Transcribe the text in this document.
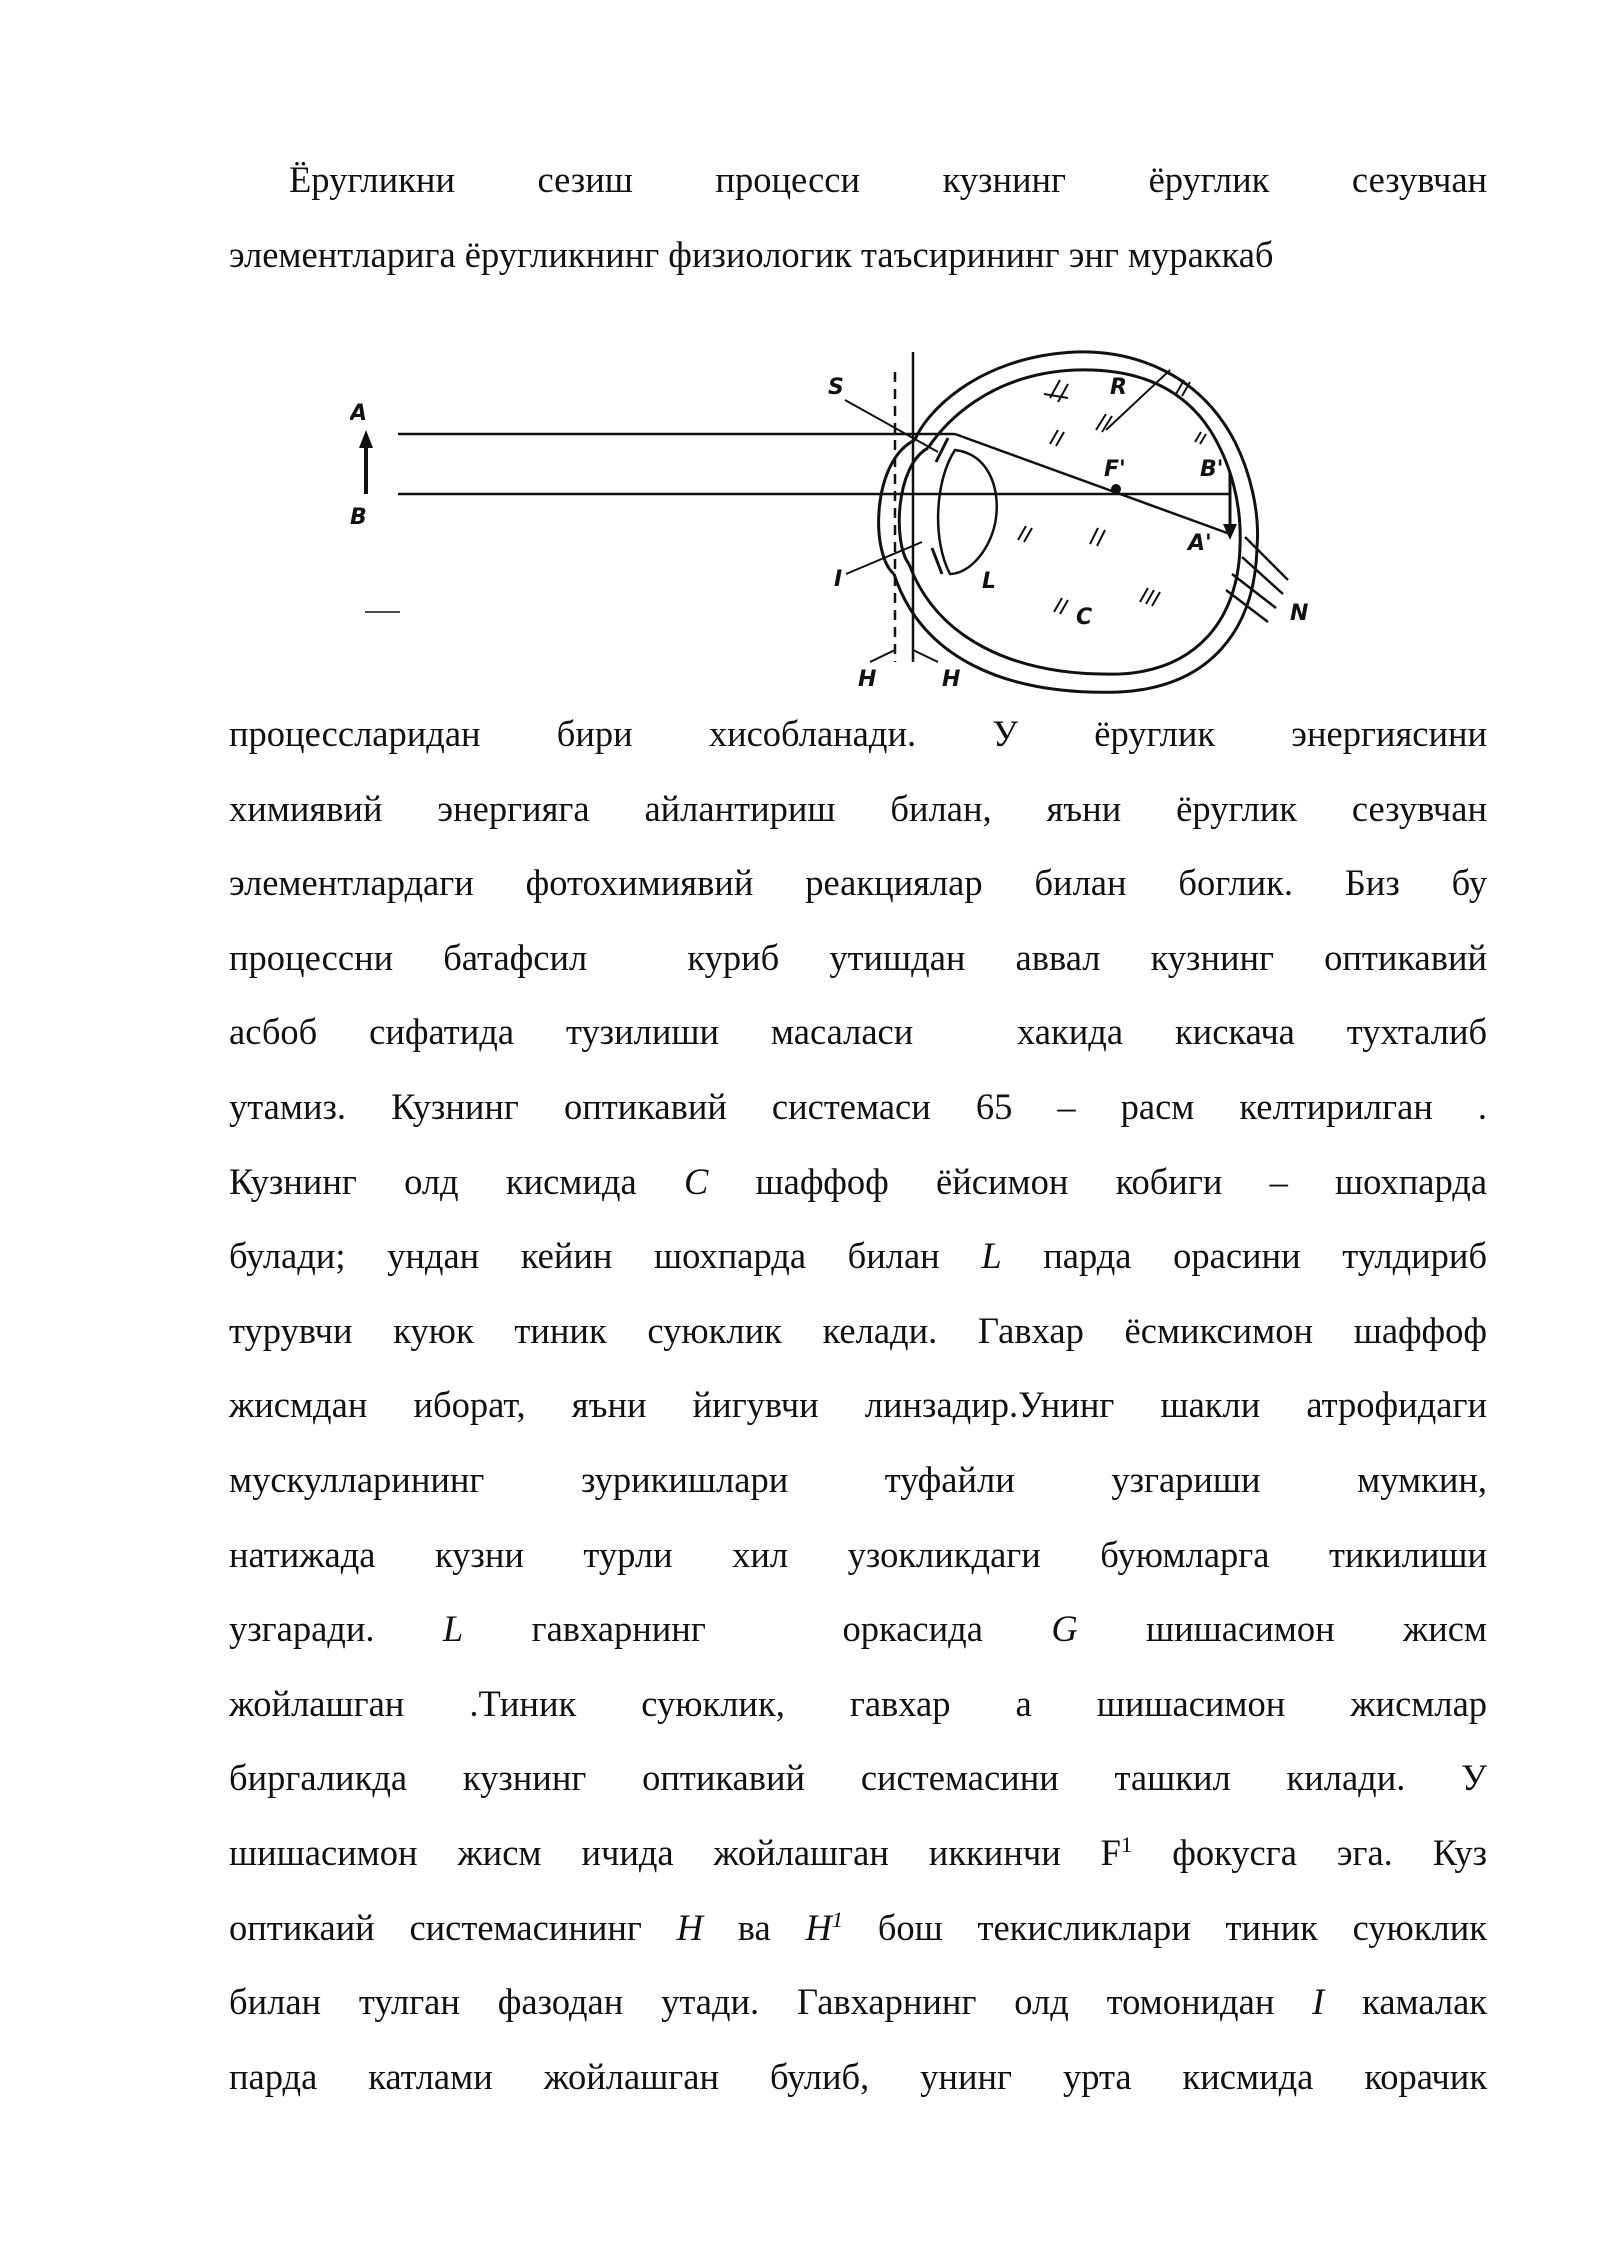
Ёругликни сезиш процесси кузнинг ёруглик сезувчан
элементларига ёругликнинг физиологик таъсирининг энг мураккаб
A
B
S
I
H	H
R
F'	B'
A'
L
C	N
процессларидан бири хисобланади. У ёруглик энергиясини
химиявий энергияга айлантириш билан, яъни ёруглик сезувчан
элементлардаги фотохимиявий реакциялар билан боглик. Биз бу
процессни батафсил  куриб утишдан аввал кузнинг оптикавий
асбоб сифатида тузилиши масаласи  хакида кискача тухталиб
утамиз. Кузнинг оптикавий системаси 65 – расм келтирилган .
Кузнинг олд кисмида C шаффоф ёйсимон кобиги – шохпарда
булади; ундан кейин шохпарда билан L парда орасини тулдириб
турувчи куюк тиник суюклик келади. Гавхар ёсмиксимон шаффоф
жисмдан иборат, яъни йигувчи линзадир.Унинг шакли атрофидаги
мускулларининг	зурикишлари	туфайли	узгариши	мумкин,
натижада кузни турли хил узокликдаги буюмларга тикилиши
узгаради. L гавхарнинг  оркасида G шишасимон жисм
жойлашган .Тиник суюклик, гавхар а шишасимон жисмлар
биргаликда кузнинг оптикавий системасини ташкил килади. У
шишасимон жисм ичида жойлашган иккинчи $F^1$ фокусга эга. Куз
оптикаий системасининг H ва $H^1$ бош текисликлари тиник суюклик
билан тулган фазодан утади. Гавхарнинг олд томонидан I камалак
парда катлами жойлашган булиб, унинг урта кисмида корачик
